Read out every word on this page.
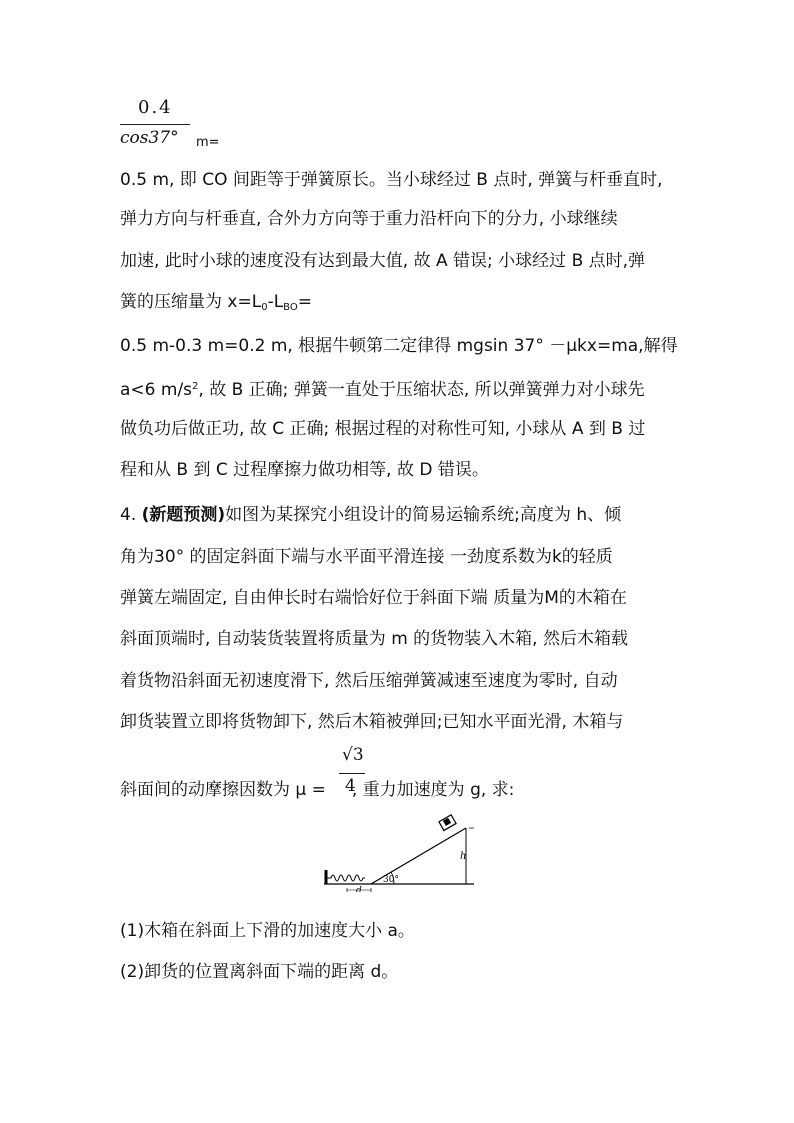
0.4
cos37° m=
0.5 m, 即 CO 间距等于弹簧原长。当小球经过 B 点时, 弹簧与杆垂直时,
弹力方向与杆垂直, 合外力方向等于重力沿杆向下的分力, 小球继续
加速, 此时小球的速度没有达到最大值, 故 A 错误; 小球经过 B 点时,弹
簧的压缩量为 $x=L_0-L_{BO}=$
0.5 m-0.3 m=0.2 m, 根据牛顿第二定律得 mgsin 37° －μkx=ma,解得
a<6 $m/s^2$, 故 B 正确; 弹簧一直处于压缩状态, 所以弹簧弹力对小球先
做负功后做正功, 故 C 正确; 根据过程的对称性可知, 小球从 A 到 B 过
程和从 B 到 C 过程摩擦力做功相等, 故 D 错误。
4. (新题预测)如图为某探究小组设计的简易运输系统;高度为 h、倾
角为30° 的固定斜面下端与水平面平滑连接 一劲度系数为k的轻质
弹簧左端固定, 自由伸长时右端恰好位于斜面下端 质量为M的木箱在
斜面顶端时, 自动装货装置将质量为 m 的货物装入木箱, 然后木箱载
着货物沿斜面无初速度滑下, 然后压缩弹簧减速至速度为零时, 自动
卸货装置立即将货物卸下, 然后木箱被弹回;已知水平面光滑, 木箱与
√3
4
斜面间的动摩擦因数为 μ = , 重力加速度为 g, 求:
30°
h
d
(1)木箱在斜面上下滑的加速度大小 a。
(2)卸货的位置离斜面下端的距离 d。
